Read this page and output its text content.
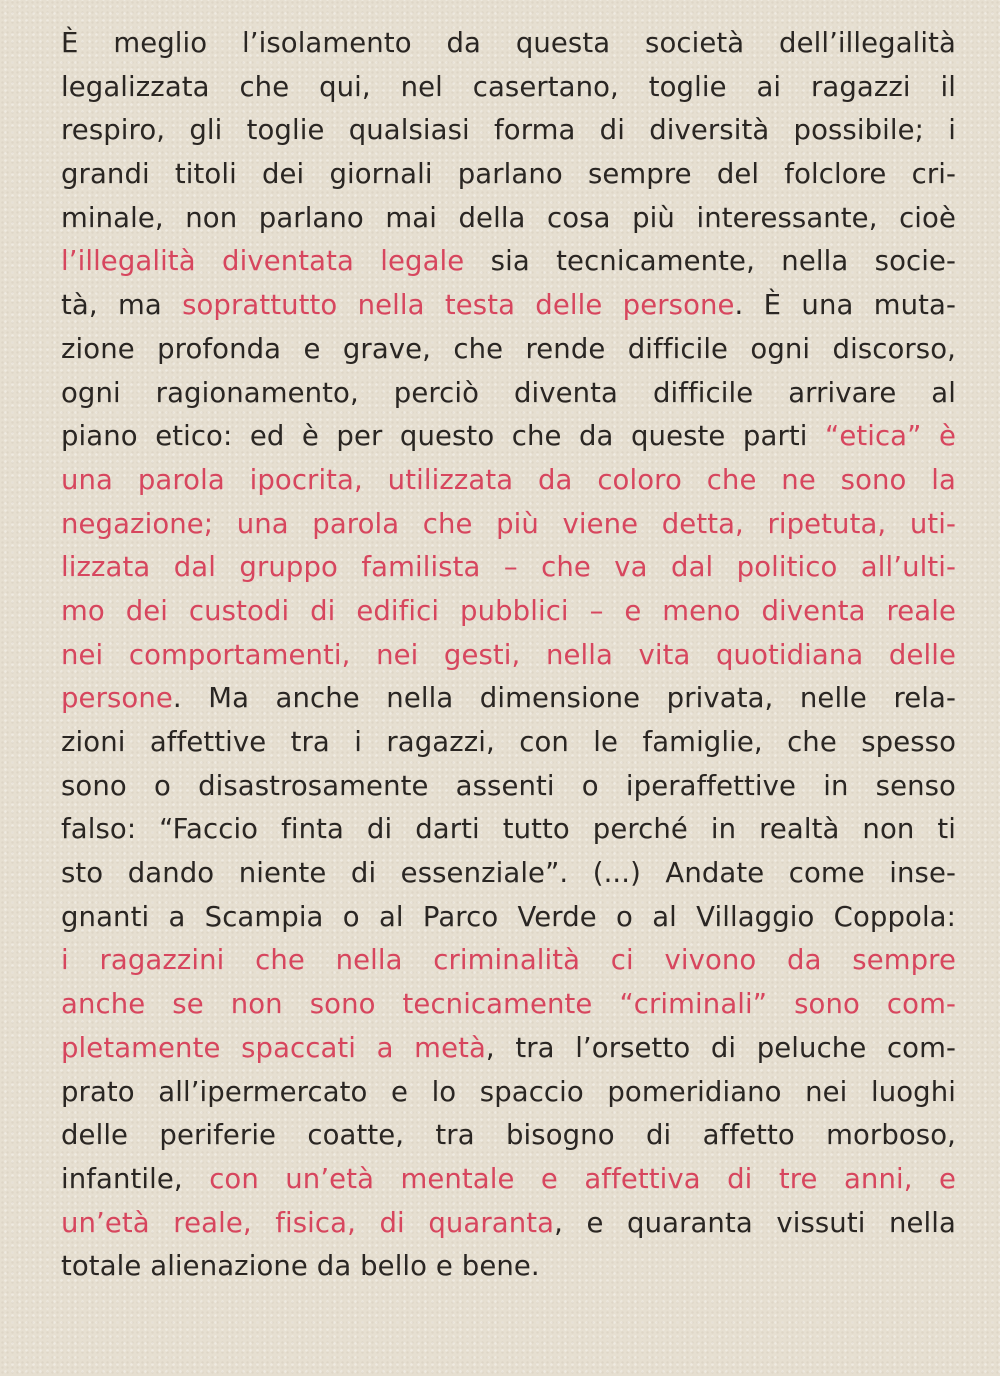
È meglio l’isolamento da questa società dell’illegalità
legalizzata che qui, nel casertano, toglie ai ragazzi il
respiro, gli toglie qualsiasi forma di diversità possibile; i
grandi titoli dei giornali parlano sempre del folclore cri-
minale, non parlano mai della cosa più interessante, cioè
l’illegalità diventata legale sia tecnicamente, nella socie-
tà, ma soprattutto nella testa delle persone. È una muta-
zione profonda e grave, che rende difficile ogni discorso,
ogni ragionamento, perciò diventa difficile arrivare al
piano etico: ed è per questo che da queste parti “etica” è
una parola ipocrita, utilizzata da coloro che ne sono la
negazione; una parola che più viene detta, ripetuta, uti-
lizzata dal gruppo familista – che va dal politico all’ulti-
mo dei custodi di edifici pubblici – e meno diventa reale
nei comportamenti, nei gesti, nella vita quotidiana delle
persone. Ma anche nella dimensione privata, nelle rela-
zioni affettive tra i ragazzi, con le famiglie, che spesso
sono o disastrosamente assenti o iperaffettive in senso
falso: “Faccio finta di darti tutto perché in realtà non ti
sto dando niente di essenziale”. (...) Andate come inse-
gnanti a Scampia o al Parco Verde o al Villaggio Coppola:
i ragazzini che nella criminalità ci vivono da sempre
anche se non sono tecnicamente “criminali” sono com-
pletamente spaccati a metà, tra l’orsetto di peluche com-
prato all’ipermercato e lo spaccio pomeridiano nei luoghi
delle periferie coatte, tra bisogno di affetto morboso,
infantile, con un’età mentale e affettiva di tre anni, e
un’età reale, fisica, di quaranta, e quaranta vissuti nella
totale alienazione da bello e bene.
